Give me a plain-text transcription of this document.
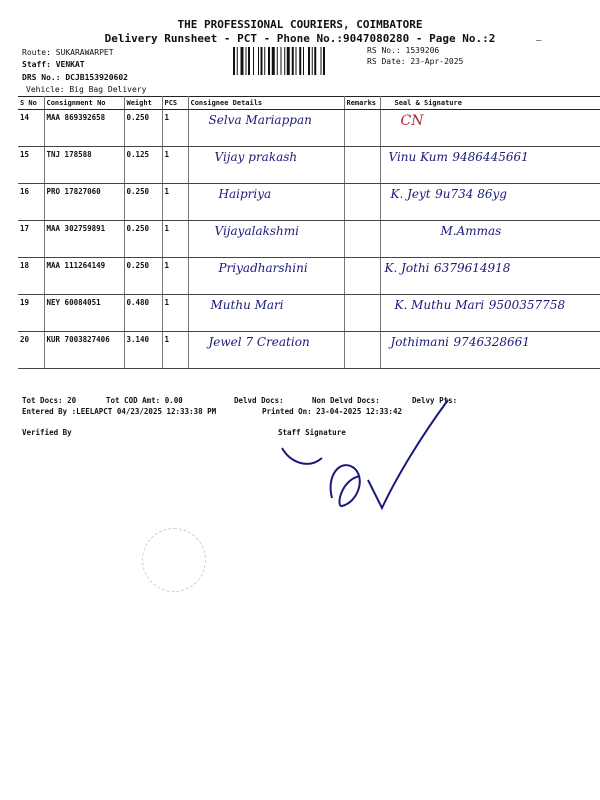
THE PROFESSIONAL COURIERS, COIMBATORE
Delivery Runsheet - PCT - Phone No.:9047080280 - Page No.:2
Route: SUKARAWARPET
Staff: VENKAT
DRS No.: DCJB153920602
Vehicle: Big Bag Delivery
RS No.: 1539206
RS Date: 23-Apr-2025
S No	Consignment No	Weight	PCS	Consignee Details	Remarks	Seal & Signature
14	MAA 869392658	0.250	1	Selva Mariappan		CN
15	TNJ 178588	0.125	1	Vijay prakash		Vinu Kum 9486445661
16	PRO 17827060	0.250	1	Haipriya		K. Jeyt 9u734 86yg
17	MAA 302759891	0.250	1	Vijayalakshmi		M.Ammas
18	MAA 111264149	0.250	1	Priyadharshini		K. Jothi 6379614918
19	NEY 60084051	0.480	1	Muthu Mari		K. Muthu Mari 9500357758
20	KUR 7003827406	3.140	1	Jewel 7 Creation		Jothimani 9746328661
Tot Docs: 20	Tot COD Amt: 0.00	Delvd Docs:	Non Delvd Docs:	Delvy Pts:
Entered By :LEELAPCT 04/23/2025 12:33:38 PM	Printed On: 23-04-2025 12:33:42
Verified By	Staff Signature
–
